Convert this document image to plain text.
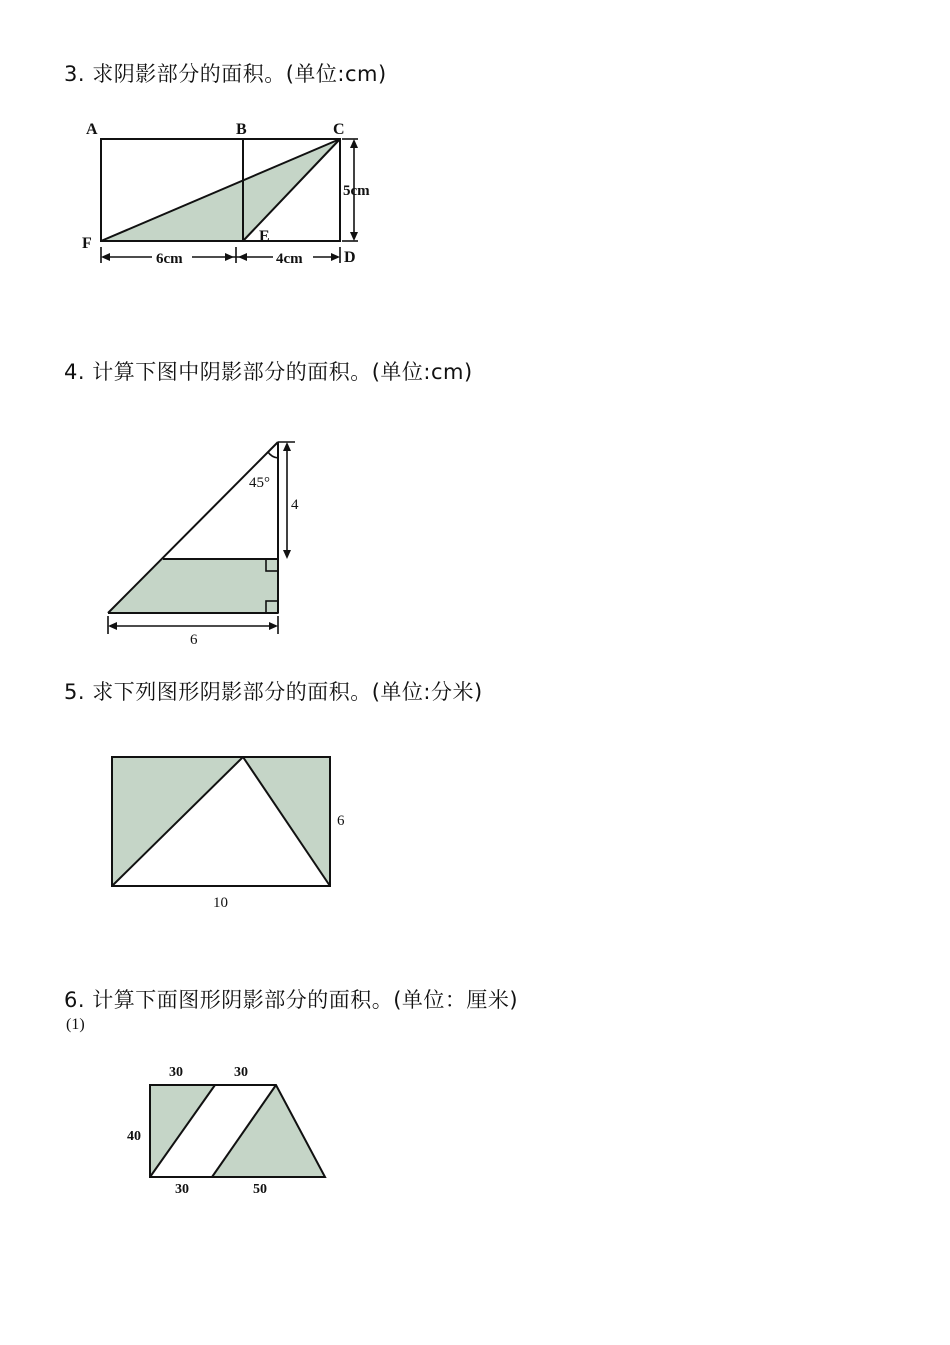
3. 求阴影部分的面积。(单位:cm)
A	B	C
F	E
D
5cm
6cm	4cm
4. 计算下图中阴影部分的面积。(单位:cm)
45°
4
6
5. 求下列图形阴影部分的面积。(单位:分米)
6
10
6. 计算下面图形阴影部分的面积。(单位：厘米)
(1)
30	30
40
30	50
